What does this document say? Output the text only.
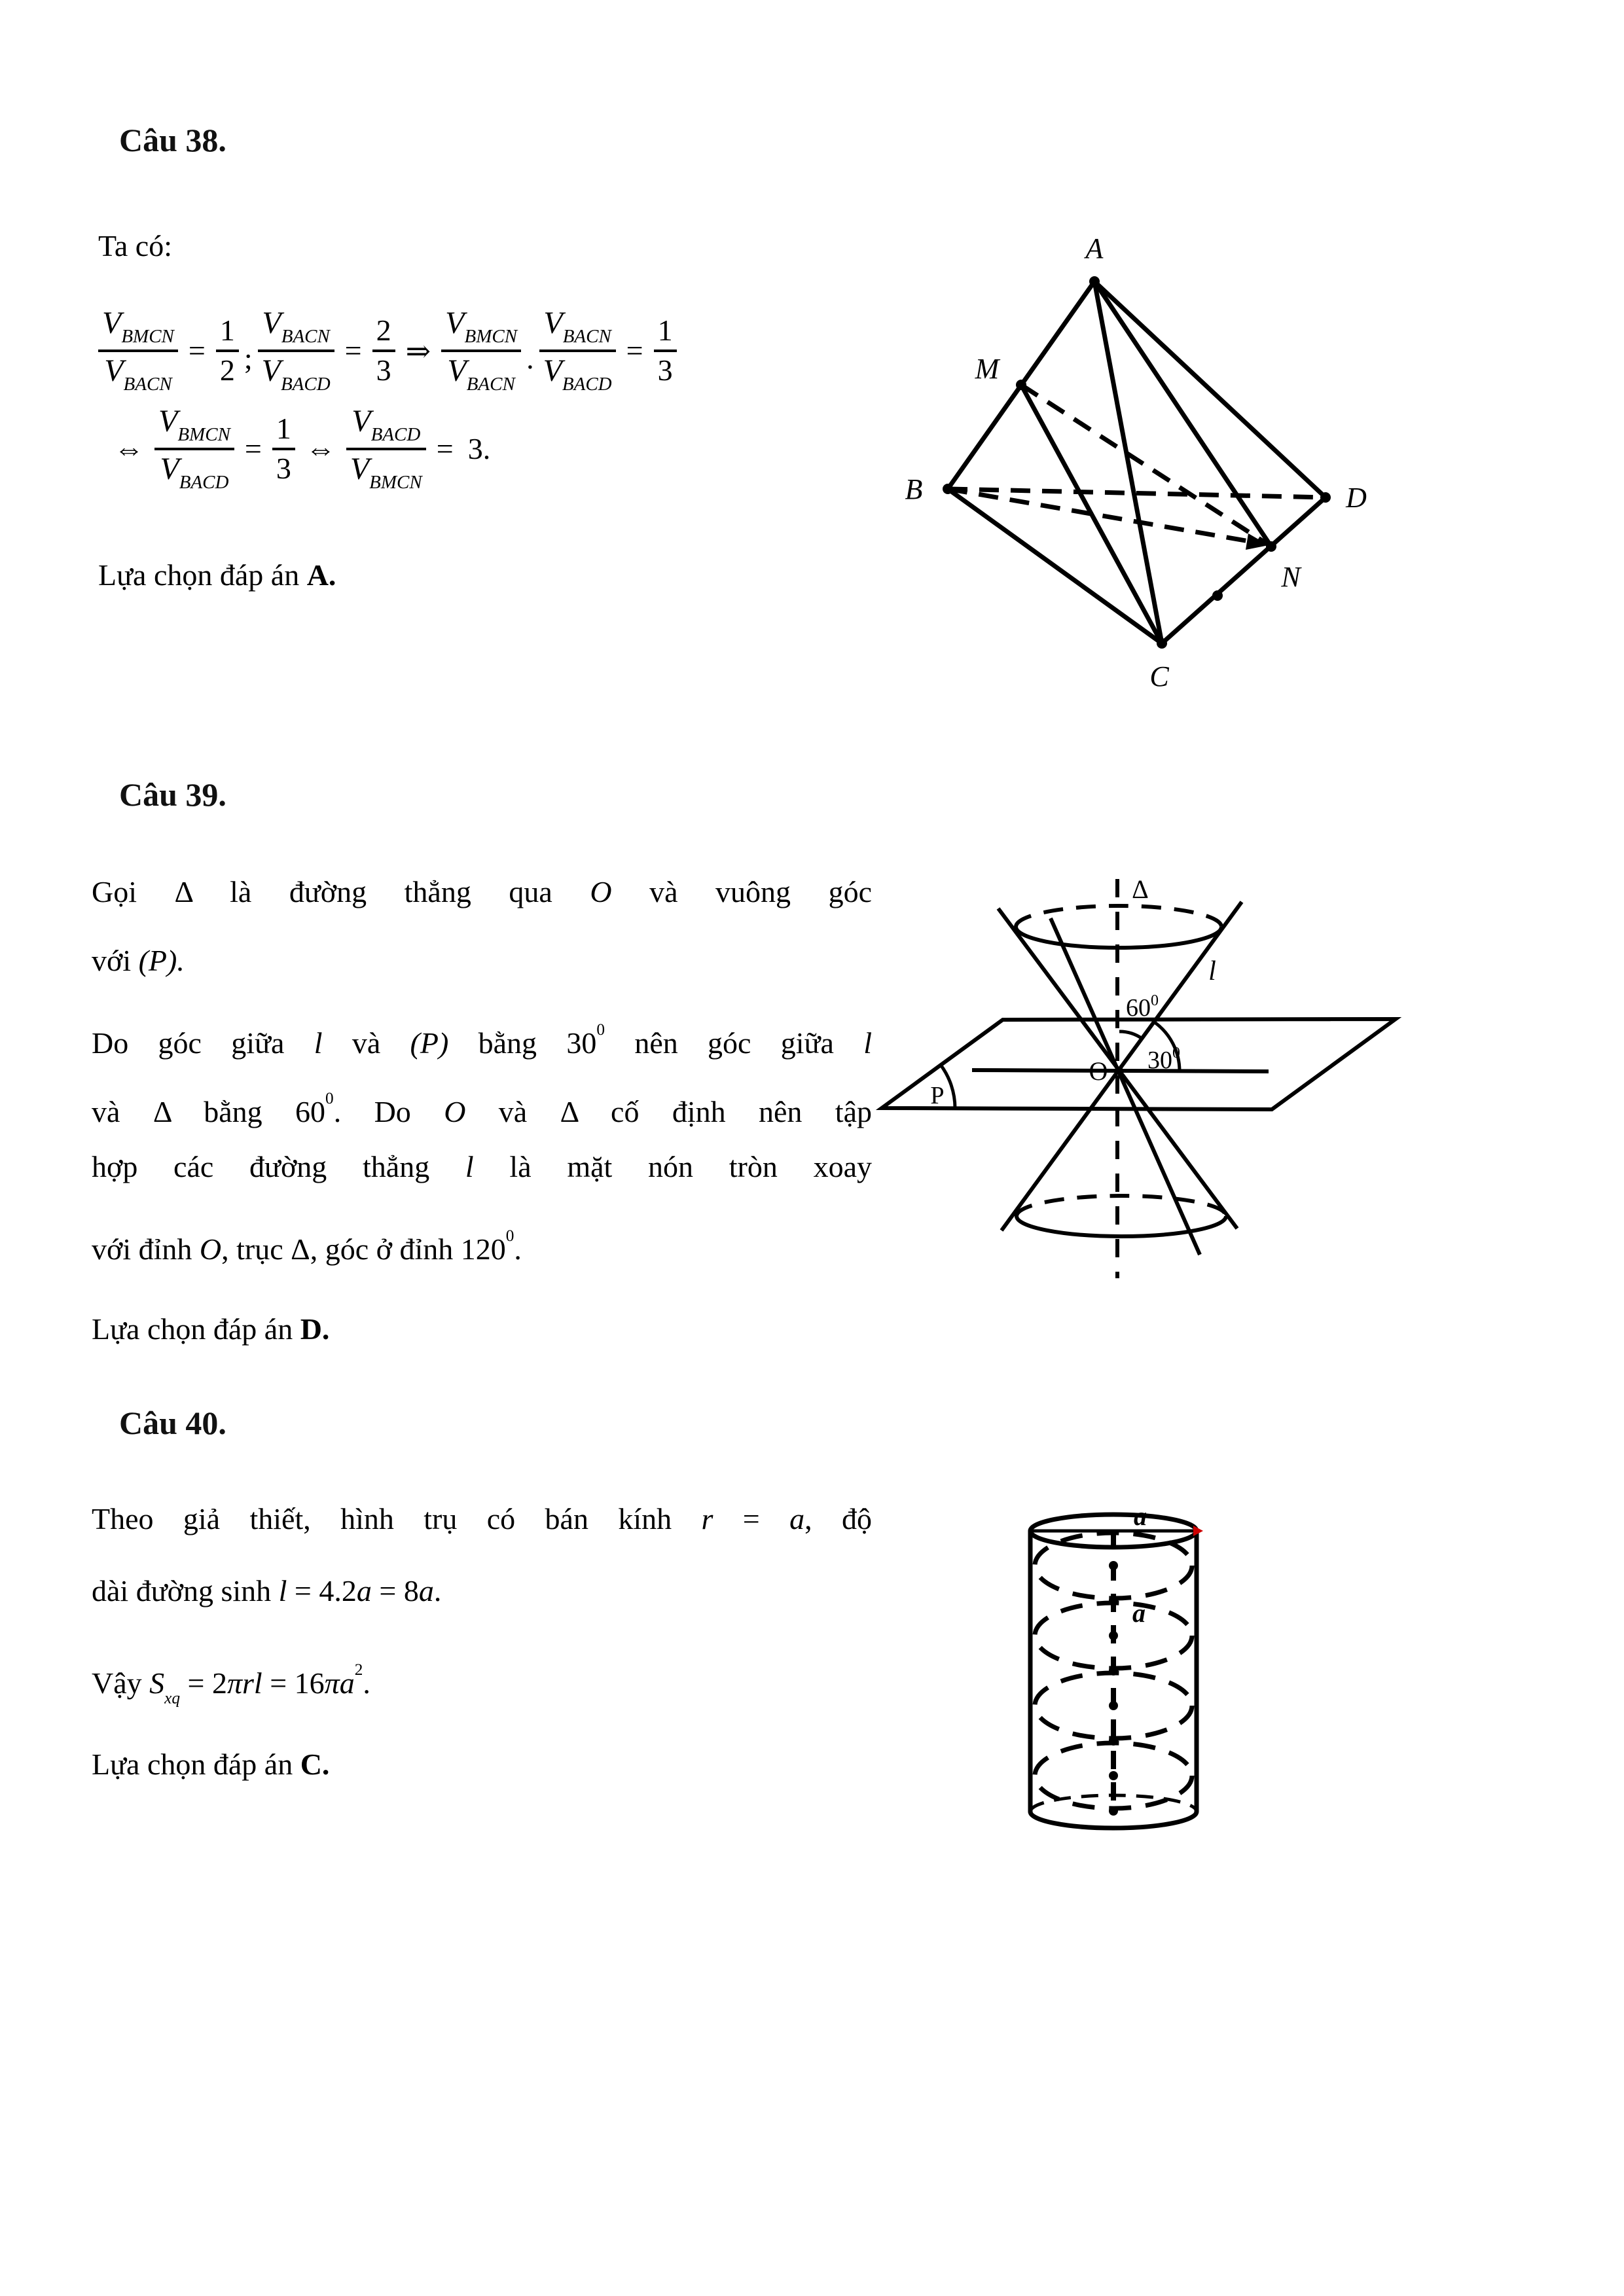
Câu 38.
Ta có:
$\frac{V_{BMCN}}{V_{BACN}} = \frac{1}{2}$ ; $\frac{V_{BACN}}{V_{BACD}} = \frac{2}{3}$ ⇒ $\frac{V_{BMCN}}{V_{BACN}}$ . $\frac{V_{BACN}}{V_{BACD}} = \frac{1}{3}$
⇔ $\frac{V_{BMCN}}{V_{BACD}} = \frac{1}{3}$ ⇔ $\frac{V_{BACD}}{V_{BMCN}} = 3$.
Lựa chọn đáp án A.
A
M
B	D
N
C
Câu 39.
Gọi Δ là đường thẳng qua O và vuông góc
với (P).
Do góc giữa l và (P) bằng $30^0$ nên góc giữa l
và Δ bằng $60^0$. Do O và Δ cố định nên tập
hợp các đường thẳng l là mặt nón tròn xoay
với đỉnh O, trục Δ, góc ở đỉnh $120^0$.
Lựa chọn đáp án D.
Δ
l
$60^0$
$30^0$
O
P
Câu 40.
Theo giả thiết, hình trụ có bán kính r = a, độ
dài đường sinh l = 4.2a = 8a.
Vậy $S_{xq} = 2\pi rl = 16\pi a^2$.
Lựa chọn đáp án C.
a
a
